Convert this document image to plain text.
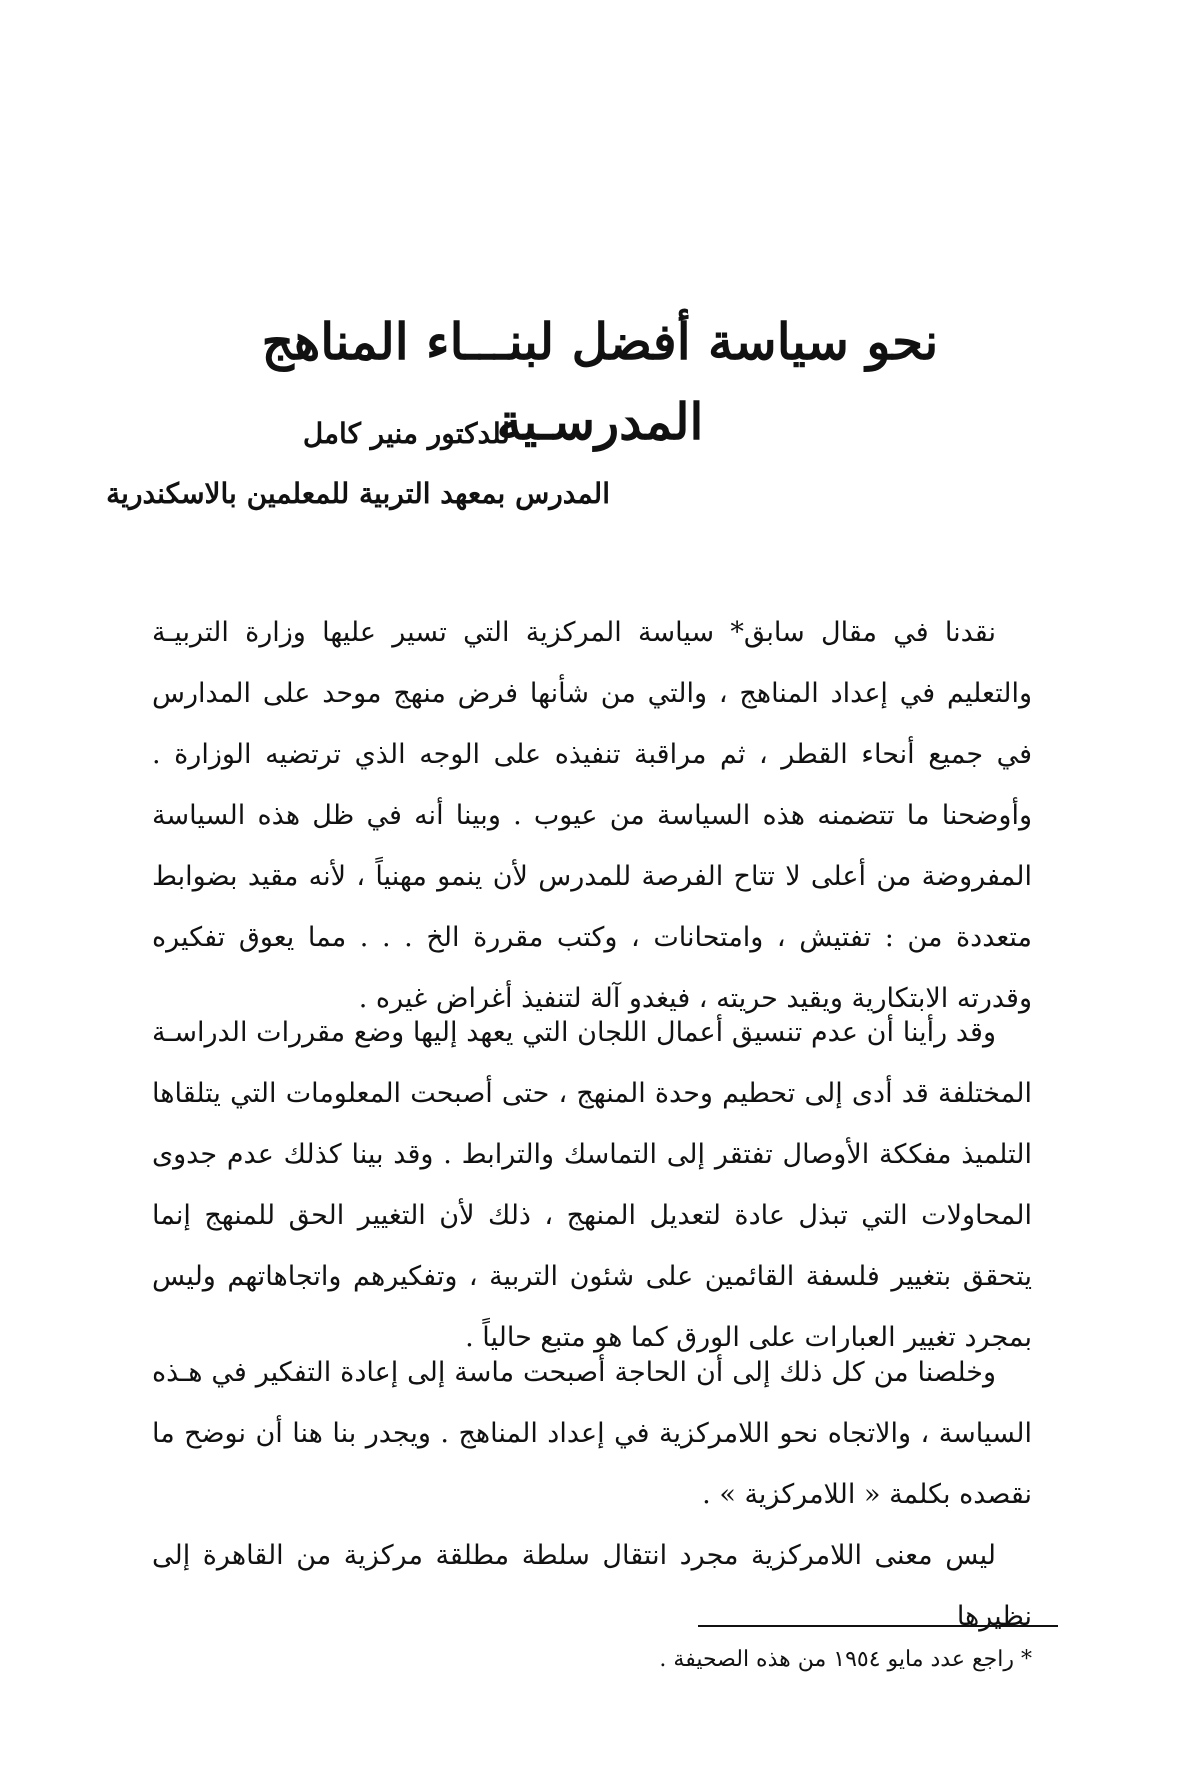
نحو سياسة أفضل لبنـــاء المناهج المدرسـية

للدكتور منير كامل

المدرس بمعهد التربية للمعلمين بالاسكندرية

نقدنا في مقال سابق* سياسة المركزية التي تسير عليها وزارة التربيـة والتعليم في إعداد المناهج ، والتي من شأنها فرض منهج موحد على المدارس في جميع أنحاء القطر ، ثم مراقبة تنفيذه على الوجه الذي ترتضيه الوزارة . وأوضحنا ما تتضمنه هذه السياسة من عيوب . وبينا أنه في ظل هذه السياسة المفروضة من أعلى لا تتاح الفرصة للمدرس لأن ينمو مهنياً ، لأنه مقيد بضوابط متعددة من : تفتيش ، وامتحانات ، وكتب مقررة الخ . . . مما يعوق تفكيره وقدرته الابتكارية ويقيد حريته ، فيغدو آلة لتنفيذ أغراض غيره .

وقد رأينا أن عدم تنسيق أعمال اللجان التي يعهد إليها وضع مقررات الدراسـة المختلفة قد أدى إلى تحطيم وحدة المنهج ، حتى أصبحت المعلومات التي يتلقاها التلميذ مفككة الأوصال تفتقر إلى التماسك والترابط . وقد بينا كذلك عدم جدوى المحاولات التي تبذل عادة لتعديل المنهج ، ذلك لأن التغيير الحق للمنهج إنما يتحقق بتغيير فلسفة القائمين على شئون التربية ، وتفكيرهم واتجاهاتهم وليس بمجرد تغيير العبارات على الورق كما هو متبع حالياً .

وخلصنا من كل ذلك إلى أن الحاجة أصبحت ماسة إلى إعادة التفكير في هـذه السياسة ، والاتجاه نحو اللامركزية في إعداد المناهج . ويجدر بنا هنا أن نوضح ما نقصده بكلمة « اللامركزية » .

ليس معنى اللامركزية مجرد انتقال سلطة مطلقة مركزية من القاهرة إلى نظيرها

* راجع عدد مايو ١٩٥٤ من هذه الصحيفة .
